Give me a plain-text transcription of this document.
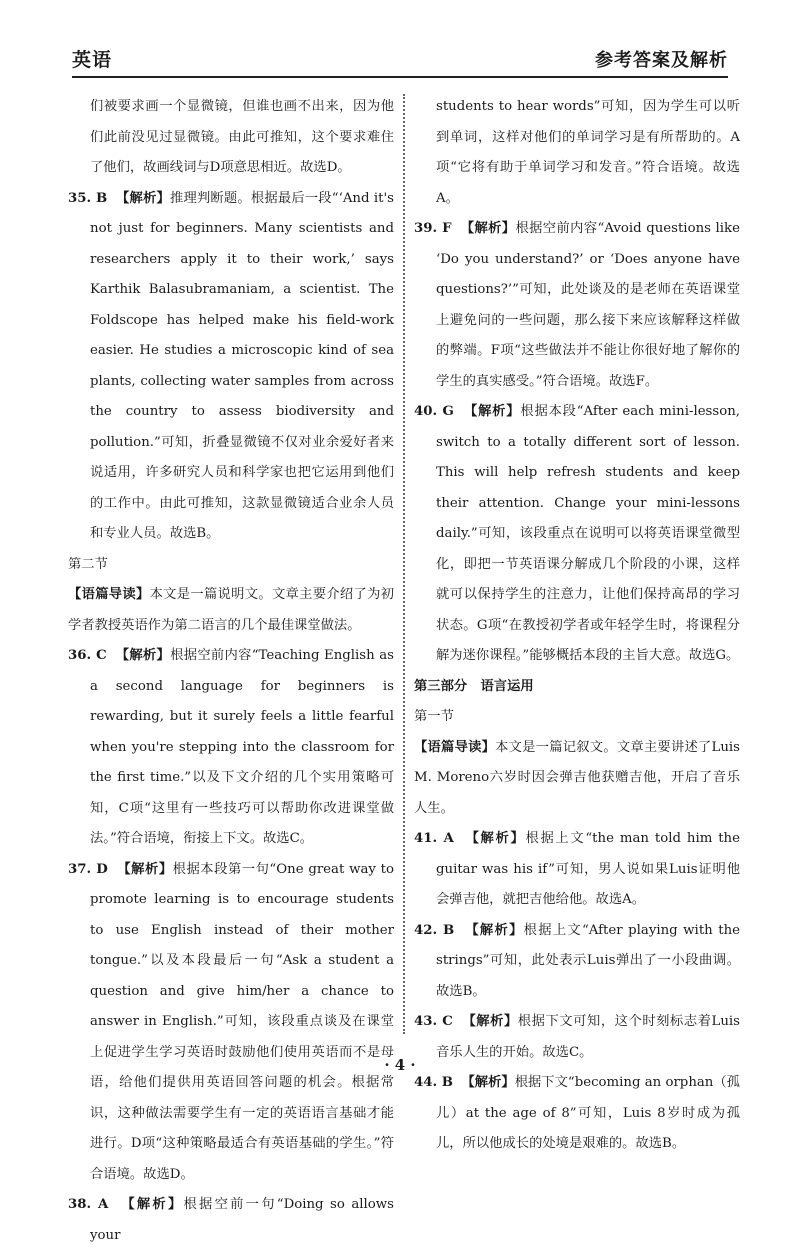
英语	参考答案及解析
们被要求画一个显微镜，但谁也画不出来，因为他们此前没见过显微镜。由此可推知，这个要求难住了他们，故画线词与D项意思相近。故选D。
35. B 【解析】推理判断题。根据最后一段“‘And it's not just for beginners. Many scientists and researchers apply it to their work,’ says Karthik Balasubramaniam, a scientist. The Foldscope has helped make his field-work easier. He studies a microscopic kind of sea plants, collecting water samples from across the country to assess biodiversity and pollution.”可知，折叠显微镜不仅对业余爱好者来说适用，许多研究人员和科学家也把它运用到他们的工作中。由此可推知，这款显微镜适合业余人员和专业人员。故选B。
第二节
【语篇导读】本文是一篇说明文。文章主要介绍了为初学者教授英语作为第二语言的几个最佳课堂做法。
36. C 【解析】根据空前内容“Teaching English as a second language for beginners is rewarding, but it surely feels a little fearful when you're stepping into the classroom for the first time.”以及下文介绍的几个实用策略可知，C项“这里有一些技巧可以帮助你改进课堂做法。”符合语境，衔接上下文。故选C。
37. D 【解析】根据本段第一句“One great way to promote learning is to encourage students to use English instead of their mother tongue.”以及本段最后一句“Ask a student a question and give him/her a chance to answer in English.”可知，该段重点谈及在课堂上促进学生学习英语时鼓励他们使用英语而不是母语，给他们提供用英语回答问题的机会。根据常识，这种做法需要学生有一定的英语语言基础才能进行。D项“这种策略最适合有英语基础的学生。”符合语境。故选D。
38. A 【解析】根据空前一句“Doing so allows your
students to hear words”可知，因为学生可以听到单词，这样对他们的单词学习是有所帮助的。A项“它将有助于单词学习和发音。”符合语境。故选A。
39. F 【解析】根据空前内容“Avoid questions like ‘Do you understand?’ or ‘Does anyone have questions?’”可知，此处谈及的是老师在英语课堂上避免问的一些问题，那么接下来应该解释这样做的弊端。F项“这些做法并不能让你很好地了解你的学生的真实感受。”符合语境。故选F。
40. G 【解析】根据本段“After each mini-lesson, switch to a totally different sort of lesson. This will help refresh students and keep their attention. Change your mini-lessons daily.”可知，该段重点在说明可以将英语课堂微型化，即把一节英语课分解成几个阶段的小课，这样就可以保持学生的注意力，让他们保持高昂的学习状态。G项“在教授初学者或年轻学生时，将课程分解为迷你课程。”能够概括本段的主旨大意。故选G。
第三部分　语言运用
第一节
【语篇导读】本文是一篇记叙文。文章主要讲述了Luis M. Moreno六岁时因会弹吉他获赠吉他，开启了音乐人生。
41. A 【解析】根据上文“the man told him the guitar was his if”可知，男人说如果Luis证明他会弹吉他，就把吉他给他。故选A。
42. B 【解析】根据上文“After playing with the strings”可知，此处表示Luis弹出了一小段曲调。故选B。
43. C 【解析】根据下文可知，这个时刻标志着Luis音乐人生的开始。故选C。
44. B 【解析】根据下文“becoming an orphan（孤儿）at the age of 8”可知，Luis 8岁时成为孤儿，所以他成长的处境是艰难的。故选B。
· 4 ·
